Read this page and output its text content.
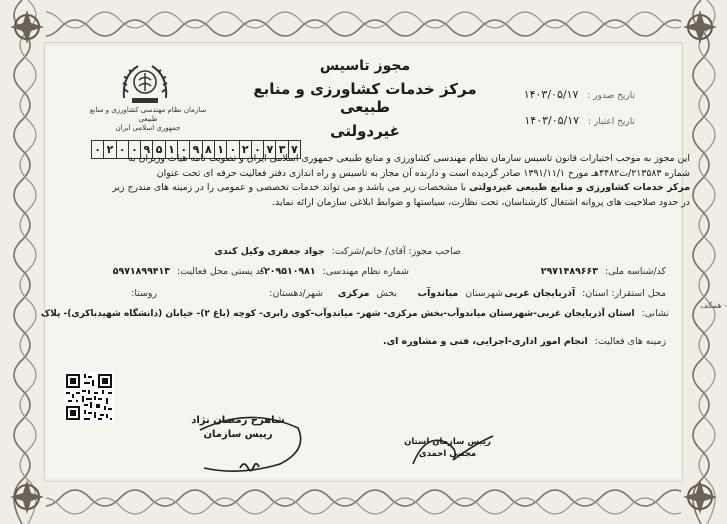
سازمان نظام مهندسی کشاورزی و منابع طبیعی
جمهوری اسلامی ایران
مجوز تاسیس
مرکز خدمات کشاورزی و منابع طبیعی
غیردولتی
تاریخ صدور : ۱۴۰۳/۰۵/۱۷
تاریخ اعتبار : ۱۴۰۳/۰۵/۱۷
۰ ۲ ۰ ۰ ۹ ۵ ۱ ۰ ۹ ۸ ۱ ۰ ۲ ۰ ۷ ۳ ۷
این مجوز به موجب اختیارات قانون تاسیس سازمان نظام مهندسی کشاورزی و منابع طبیعی جمهوری اسلامی ایران و تصویب نامه هیات وزیران به
شماره ۲۱۳۵۸۳/ت۴۴۸۲هـ مورخ ۱۳۹۱/۱۱/۱ صادر گردیده است و دارنده آن مجاز به تاسیس و راه اندازی دفتر فعالیت حرفه ای تحت عنوان
مرکز خدمات کشاورزی و منابع طبیعی غیردولتی با مشخصات زیر می باشد و می تواند خدمات تخصصی و عمومی را در زمینه های مندرج زیر
در حدود صلاحیت های پروانه اشتغال کارشناسان، تحت نظارت، سیاستها و ضوابط ابلاغی سازمان ارائه نماید.
صاحب مجوز: آقای/ خانم/شرکت: جواد جعفری وکیل کندی
کد/شناسه ملی: ۲۹۷۱۴۸۹۶۶۳
شماره نظام مهندسی: ۰۲۰۹۵۱۰۹۸۱
کد پستی محل فعالیت: ۵۹۷۱۸۹۹۴۱۳
محل استقرار: استان: آذربایجان غربی
شهرستان میاندوآب
بخش مرکزی
شهر/دهستان:
روستا:
نشانی: استان آذربایجان غربی-شهرستان میاندوآب-بخش مرکزی- شهر- میاندوآب-کوی رابری- کوچه (باغ ۲)- خیابان (دانشگاه شهیدباکری)- پلاک
- همکف
زمینه های فعالیت: انجام امور اداری-اجرایی، فنی و مشاوره ای.
شاهرخ رمضان نژاد
رییس سازمان
رییس سازمان استان
مجتبی احمدی
